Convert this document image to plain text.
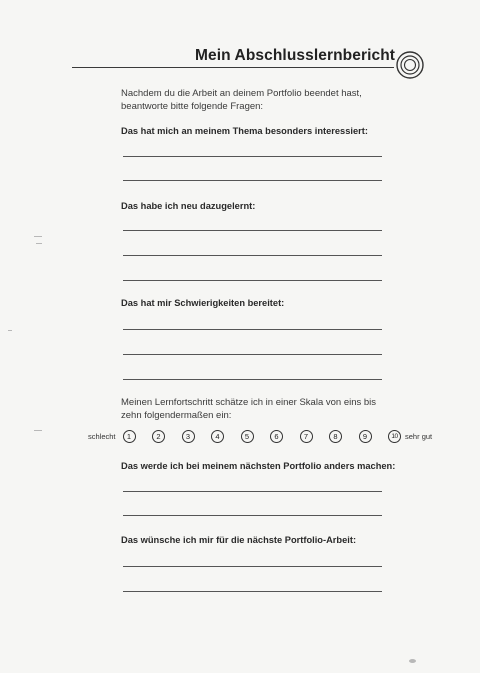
Mein Abschlusslernbericht
Nachdem du die Arbeit an deinem Portfolio beendet hast,
beantworte bitte folgende Fragen:
Das hat mich an meinem Thema besonders interessiert:
Das habe ich neu dazugelernt:
Das hat mir Schwierigkeiten bereitet:
Meinen Lernfortschritt schätze ich in einer Skala von eins bis
zehn folgendermaßen ein:
schlecht	1	2	3	4	5	6	7	8	9	10 sehr gut
Das werde ich bei meinem nächsten Portfolio anders machen:
Das wünsche ich mir für die nächste Portfolio-Arbeit:
